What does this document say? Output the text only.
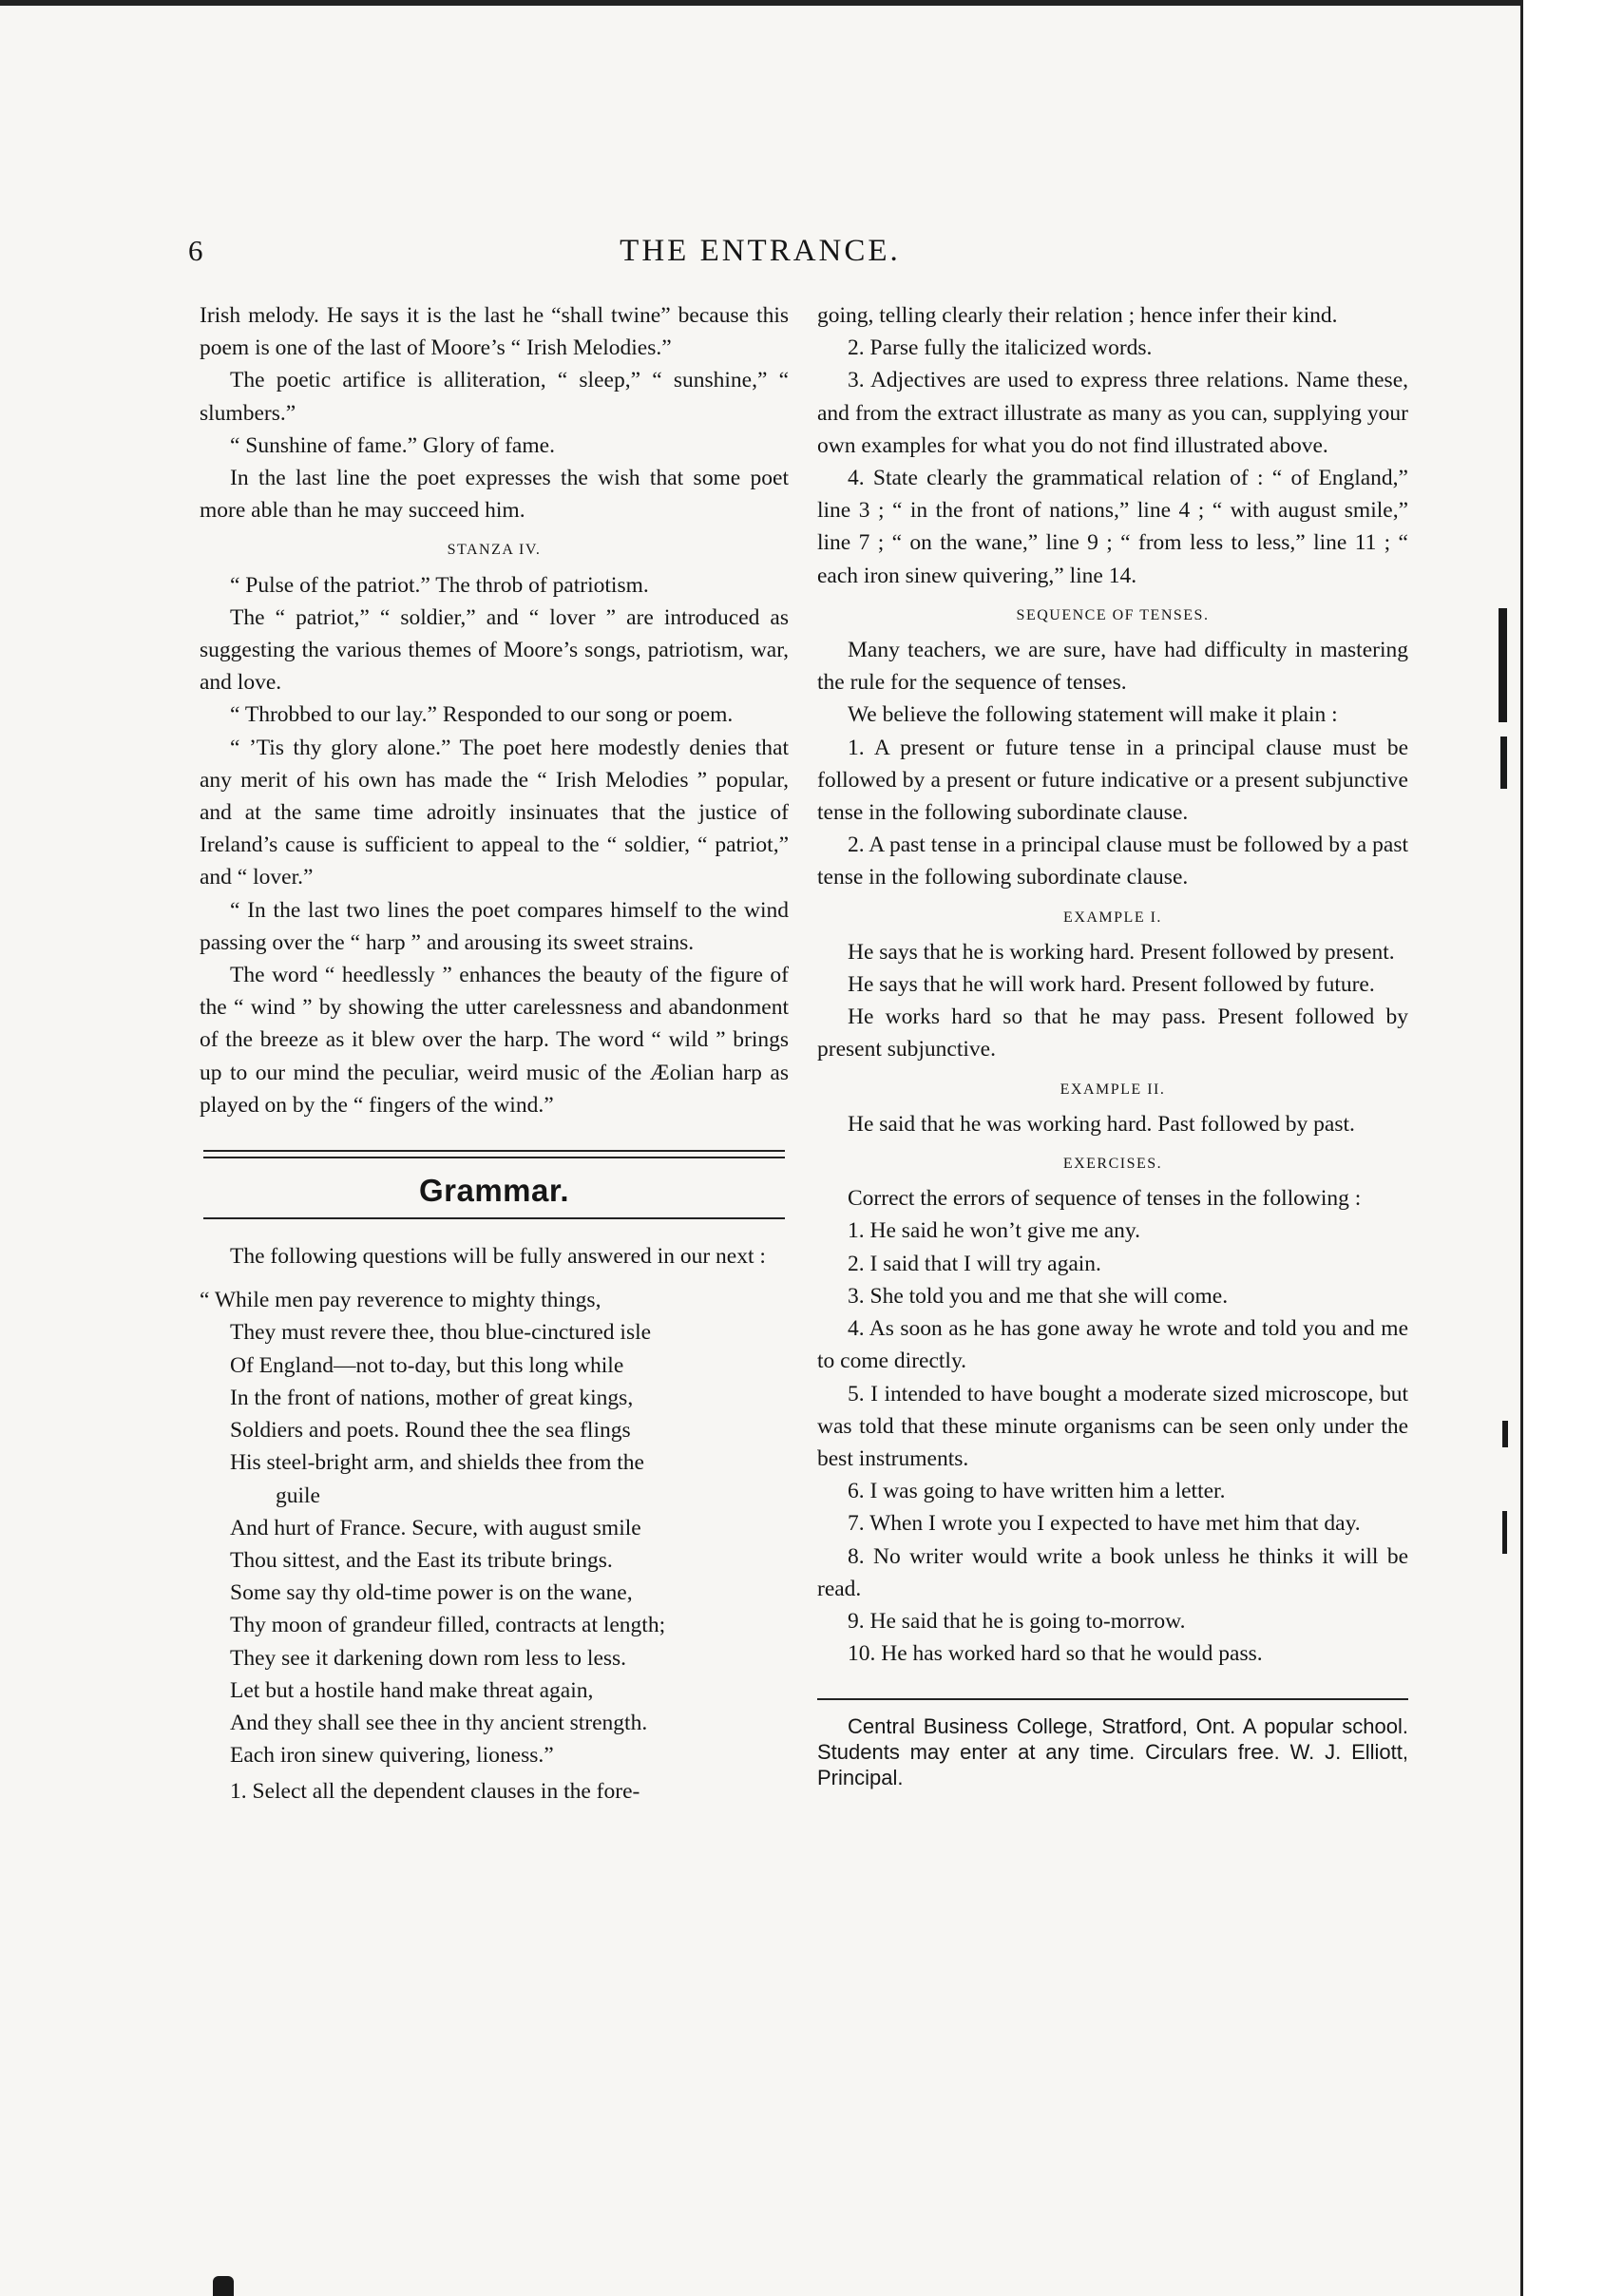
6	THE ENTRANCE.

Irish melody. He says it is the last he “shall twine” because this poem is one of the last of Moore’s “ Irish Melodies.”

The poetic artifice is alliteration, “ sleep,” “ sunshine,” “ slumbers.”

“ Sunshine of fame.” Glory of fame.

In the last line the poet expresses the wish that some poet more able than he may succeed him.

STANZA IV.

“ Pulse of the patriot.” The throb of patriotism.

The “ patriot,” “ soldier,” and “ lover ” are introduced as suggesting the various themes of Moore’s songs, patriotism, war, and love.

“ Throbbed to our lay.” Responded to our song or poem.

“ ’Tis thy glory alone.” The poet here modestly denies that any merit of his own has made the “ Irish Melodies ” popular, and at the same time adroitly insinuates that the justice of Ireland’s cause is sufficient to appeal to the “ soldier, “ patriot,” and “ lover.”

“ In the last two lines the poet compares himself to the wind passing over the “ harp ” and arousing its sweet strains.

The word “ heedlessly ” enhances the beauty of the figure of the “ wind ” by showing the utter carelessness and abandonment of the breeze as it blew over the harp. The word “ wild ” brings up to our mind the peculiar, weird music of the Æolian harp as played on by the “ fingers of the wind.”

Grammar.

The following questions will be fully answered in our next :

“ While men pay reverence to mighty things,
They must revere thee, thou blue-cinctured isle
Of England—not to-day, but this long while
In the front of nations, mother of great kings,
Soldiers and poets. Round thee the sea flings
His steel-bright arm, and shields thee from the
guile
And hurt of France. Secure, with august smile
Thou sittest, and the East its tribute brings.
Some say thy old-time power is on the wane,
Thy moon of grandeur filled, contracts at length;
They see it darkening down rom less to less.
Let but a hostile hand make threat again,
And they shall see thee in thy ancient strength.
Each iron sinew quivering, lioness.”

1. Select all the dependent clauses in the fore-

going, telling clearly their relation ; hence infer their kind.

2. Parse fully the italicized words.

3. Adjectives are used to express three relations. Name these, and from the extract illustrate as many as you can, supplying your own examples for what you do not find illustrated above.

4. State clearly the grammatical relation of : “ of England,” line 3 ; “ in the front of nations,” line 4 ; “ with august smile,” line 7 ; “ on the wane,” line 9 ; “ from less to less,” line 11 ; “ each iron sinew quivering,” line 14.

SEQUENCE OF TENSES.

Many teachers, we are sure, have had difficulty in mastering the rule for the sequence of tenses.

We believe the following statement will make it plain :

1. A present or future tense in a principal clause must be followed by a present or future indicative or a present subjunctive tense in the following subordinate clause.

2. A past tense in a principal clause must be followed by a past tense in the following subordinate clause.

EXAMPLE I.

He says that he is working hard. Present followed by present.

He says that he will work hard. Present followed by future.

He works hard so that he may pass. Present followed by present subjunctive.

EXAMPLE II.

He said that he was working hard. Past followed by past.

EXERCISES.

Correct the errors of sequence of tenses in the following :

1. He said he won’t give me any.

2. I said that I will try again.

3. She told you and me that she will come.

4. As soon as he has gone away he wrote and told you and me to come directly.

5. I intended to have bought a moderate sized microscope, but was told that these minute organisms can be seen only under the best instruments.

6. I was going to have written him a letter.

7. When I wrote you I expected to have met him that day.

8. No writer would write a book unless he thinks it will be read.

9. He said that he is going to-morrow.

10. He has worked hard so that he would pass.

Central Business College, Stratford, Ont. A popular school. Students may enter at any time. Circulars free. W. J. Elliott, Principal.
